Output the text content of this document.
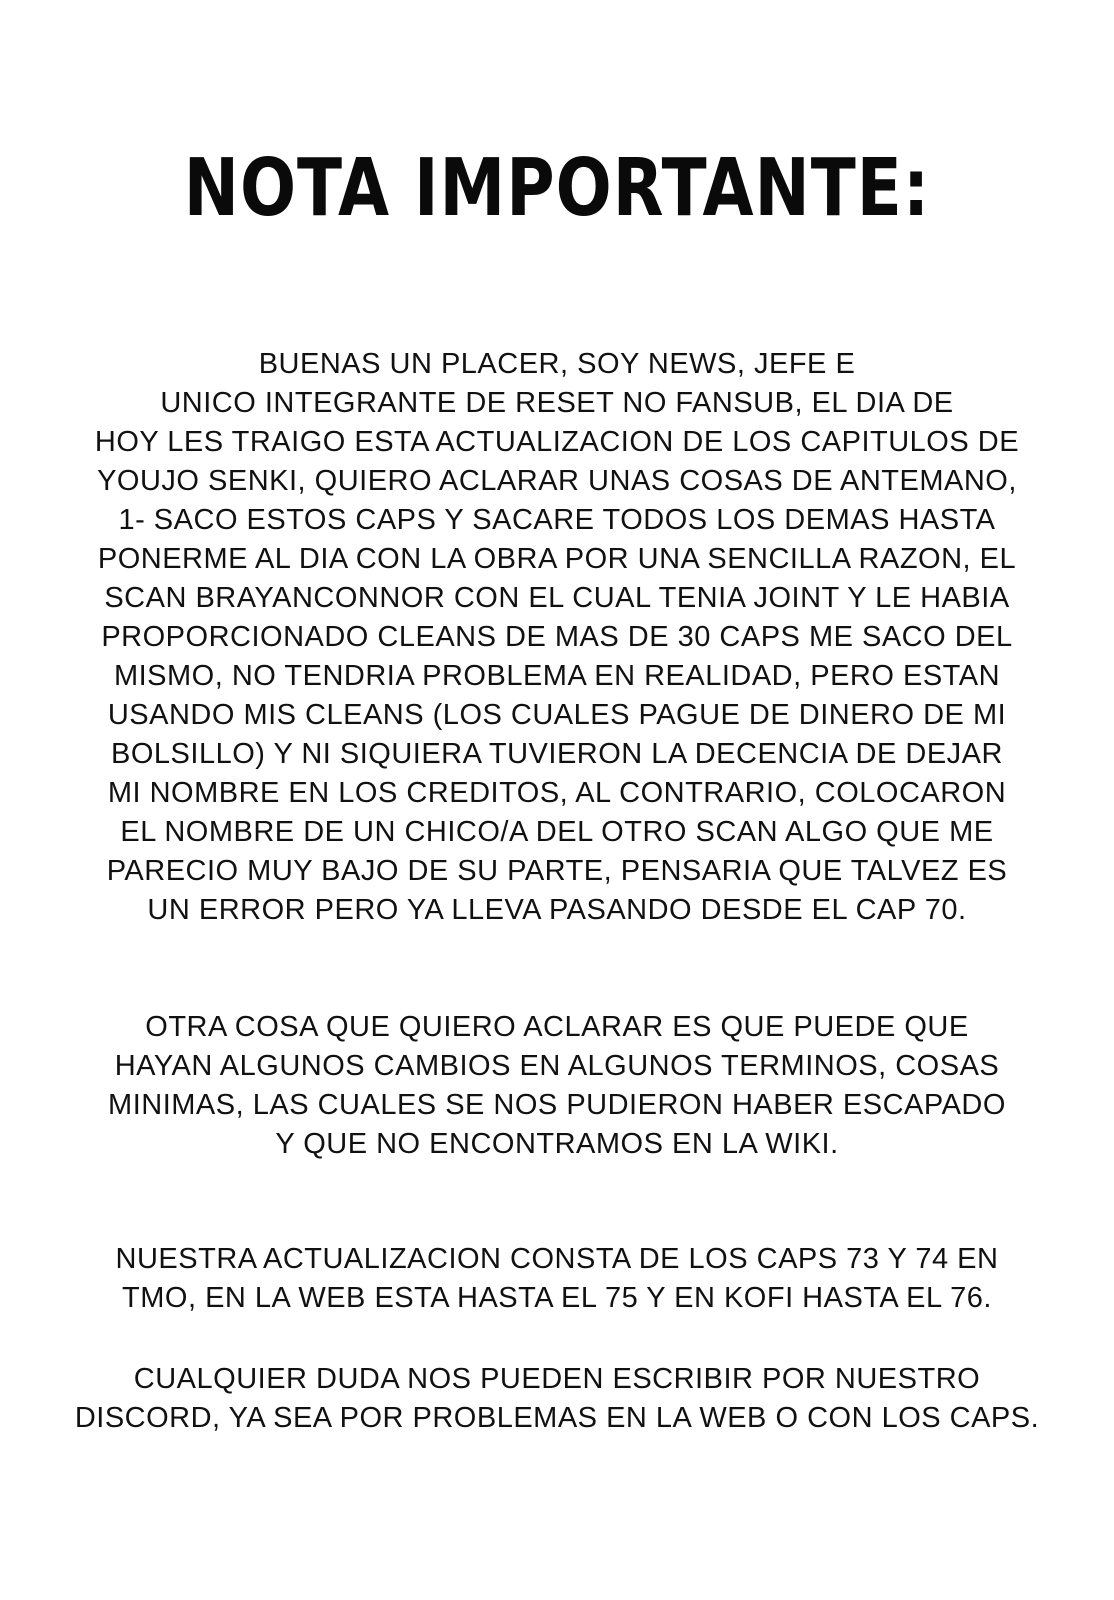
NOTA IMPORTANTE:
BUENAS UN PLACER, SOY NEWS, JEFE E
UNICO INTEGRANTE DE RESET NO FANSUB, EL DIA DE
HOY LES TRAIGO ESTA ACTUALIZACION DE LOS CAPITULOS DE
YOUJO SENKI, QUIERO ACLARAR UNAS COSAS DE ANTEMANO,
1- SACO ESTOS CAPS Y SACARE TODOS LOS DEMAS HASTA
PONERME AL DIA CON LA OBRA POR UNA SENCILLA RAZON, EL
SCAN BRAYANCONNOR CON EL CUAL TENIA JOINT Y LE HABIA
PROPORCIONADO CLEANS DE MAS DE 30 CAPS ME SACO DEL
MISMO, NO TENDRIA PROBLEMA EN REALIDAD, PERO ESTAN
USANDO MIS CLEANS (LOS CUALES PAGUE DE DINERO DE MI
BOLSILLO) Y NI SIQUIERA TUVIERON LA DECENCIA DE DEJAR
MI NOMBRE EN LOS CREDITOS, AL CONTRARIO, COLOCARON
EL NOMBRE DE UN CHICO/A DEL OTRO SCAN ALGO QUE ME
PARECIO MUY BAJO DE SU PARTE, PENSARIA QUE TALVEZ ES
UN ERROR PERO YA LLEVA PASANDO DESDE EL CAP 70.
OTRA COSA QUE QUIERO ACLARAR ES QUE PUEDE QUE
HAYAN ALGUNOS CAMBIOS EN ALGUNOS TERMINOS, COSAS
MINIMAS, LAS CUALES SE NOS PUDIERON HABER ESCAPADO
Y QUE NO ENCONTRAMOS EN LA WIKI.
NUESTRA ACTUALIZACION CONSTA DE LOS CAPS 73 Y 74 EN
TMO, EN LA WEB ESTA HASTA EL 75 Y EN KOFI HASTA EL 76.
CUALQUIER DUDA NOS PUEDEN ESCRIBIR POR NUESTRO
DISCORD, YA SEA POR PROBLEMAS EN LA WEB O CON LOS CAPS.
